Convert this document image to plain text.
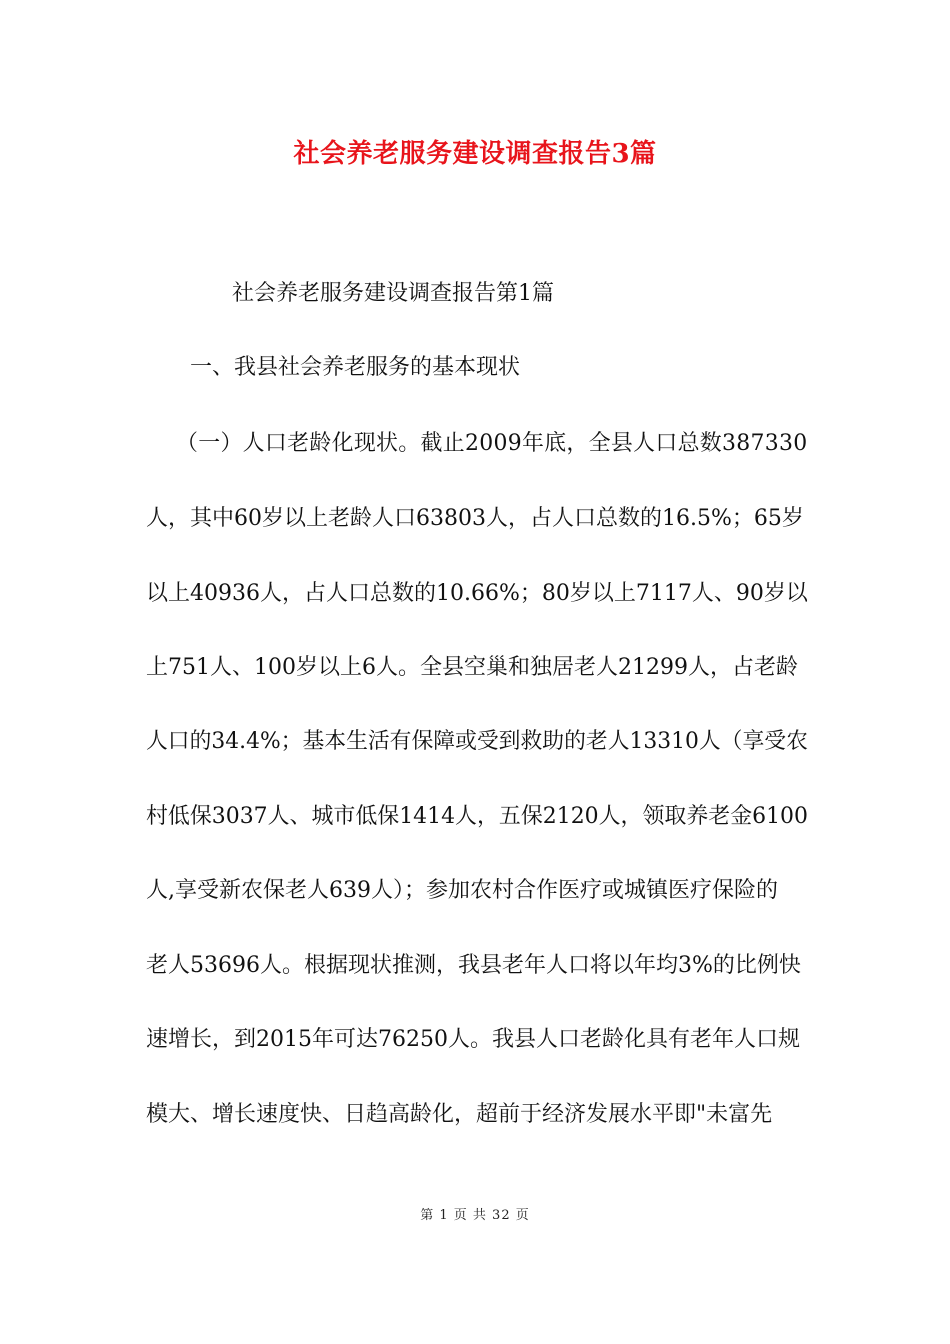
社会养老服务建设调查报告3篇
社会养老服务建设调查报告第1篇
一、我县社会养老服务的基本现状
（一）人口老龄化现状。截止2009年底，全县人口总数387330
人，其中60岁以上老龄人口63803人，占人口总数的16.5%；65岁
以上40936人，占人口总数的10.66%；80岁以上7117人、90岁以
上751人、100岁以上6人。全县空巢和独居老人21299人，占老龄
人口的34.4%；基本生活有保障或受到救助的老人13310人（享受农
村低保3037人、城市低保1414人，五保2120人，领取养老金6100
人,享受新农保老人639人）；参加农村合作医疗或城镇医疗保险的
老人53696人。根据现状推测，我县老年人口将以年均3%的比例快
速增长，到2015年可达76250人。我县人口老龄化具有老年人口规
模大、增长速度快、日趋高龄化，超前于经济发展水平即"未富先
第 1 页 共 32 页
